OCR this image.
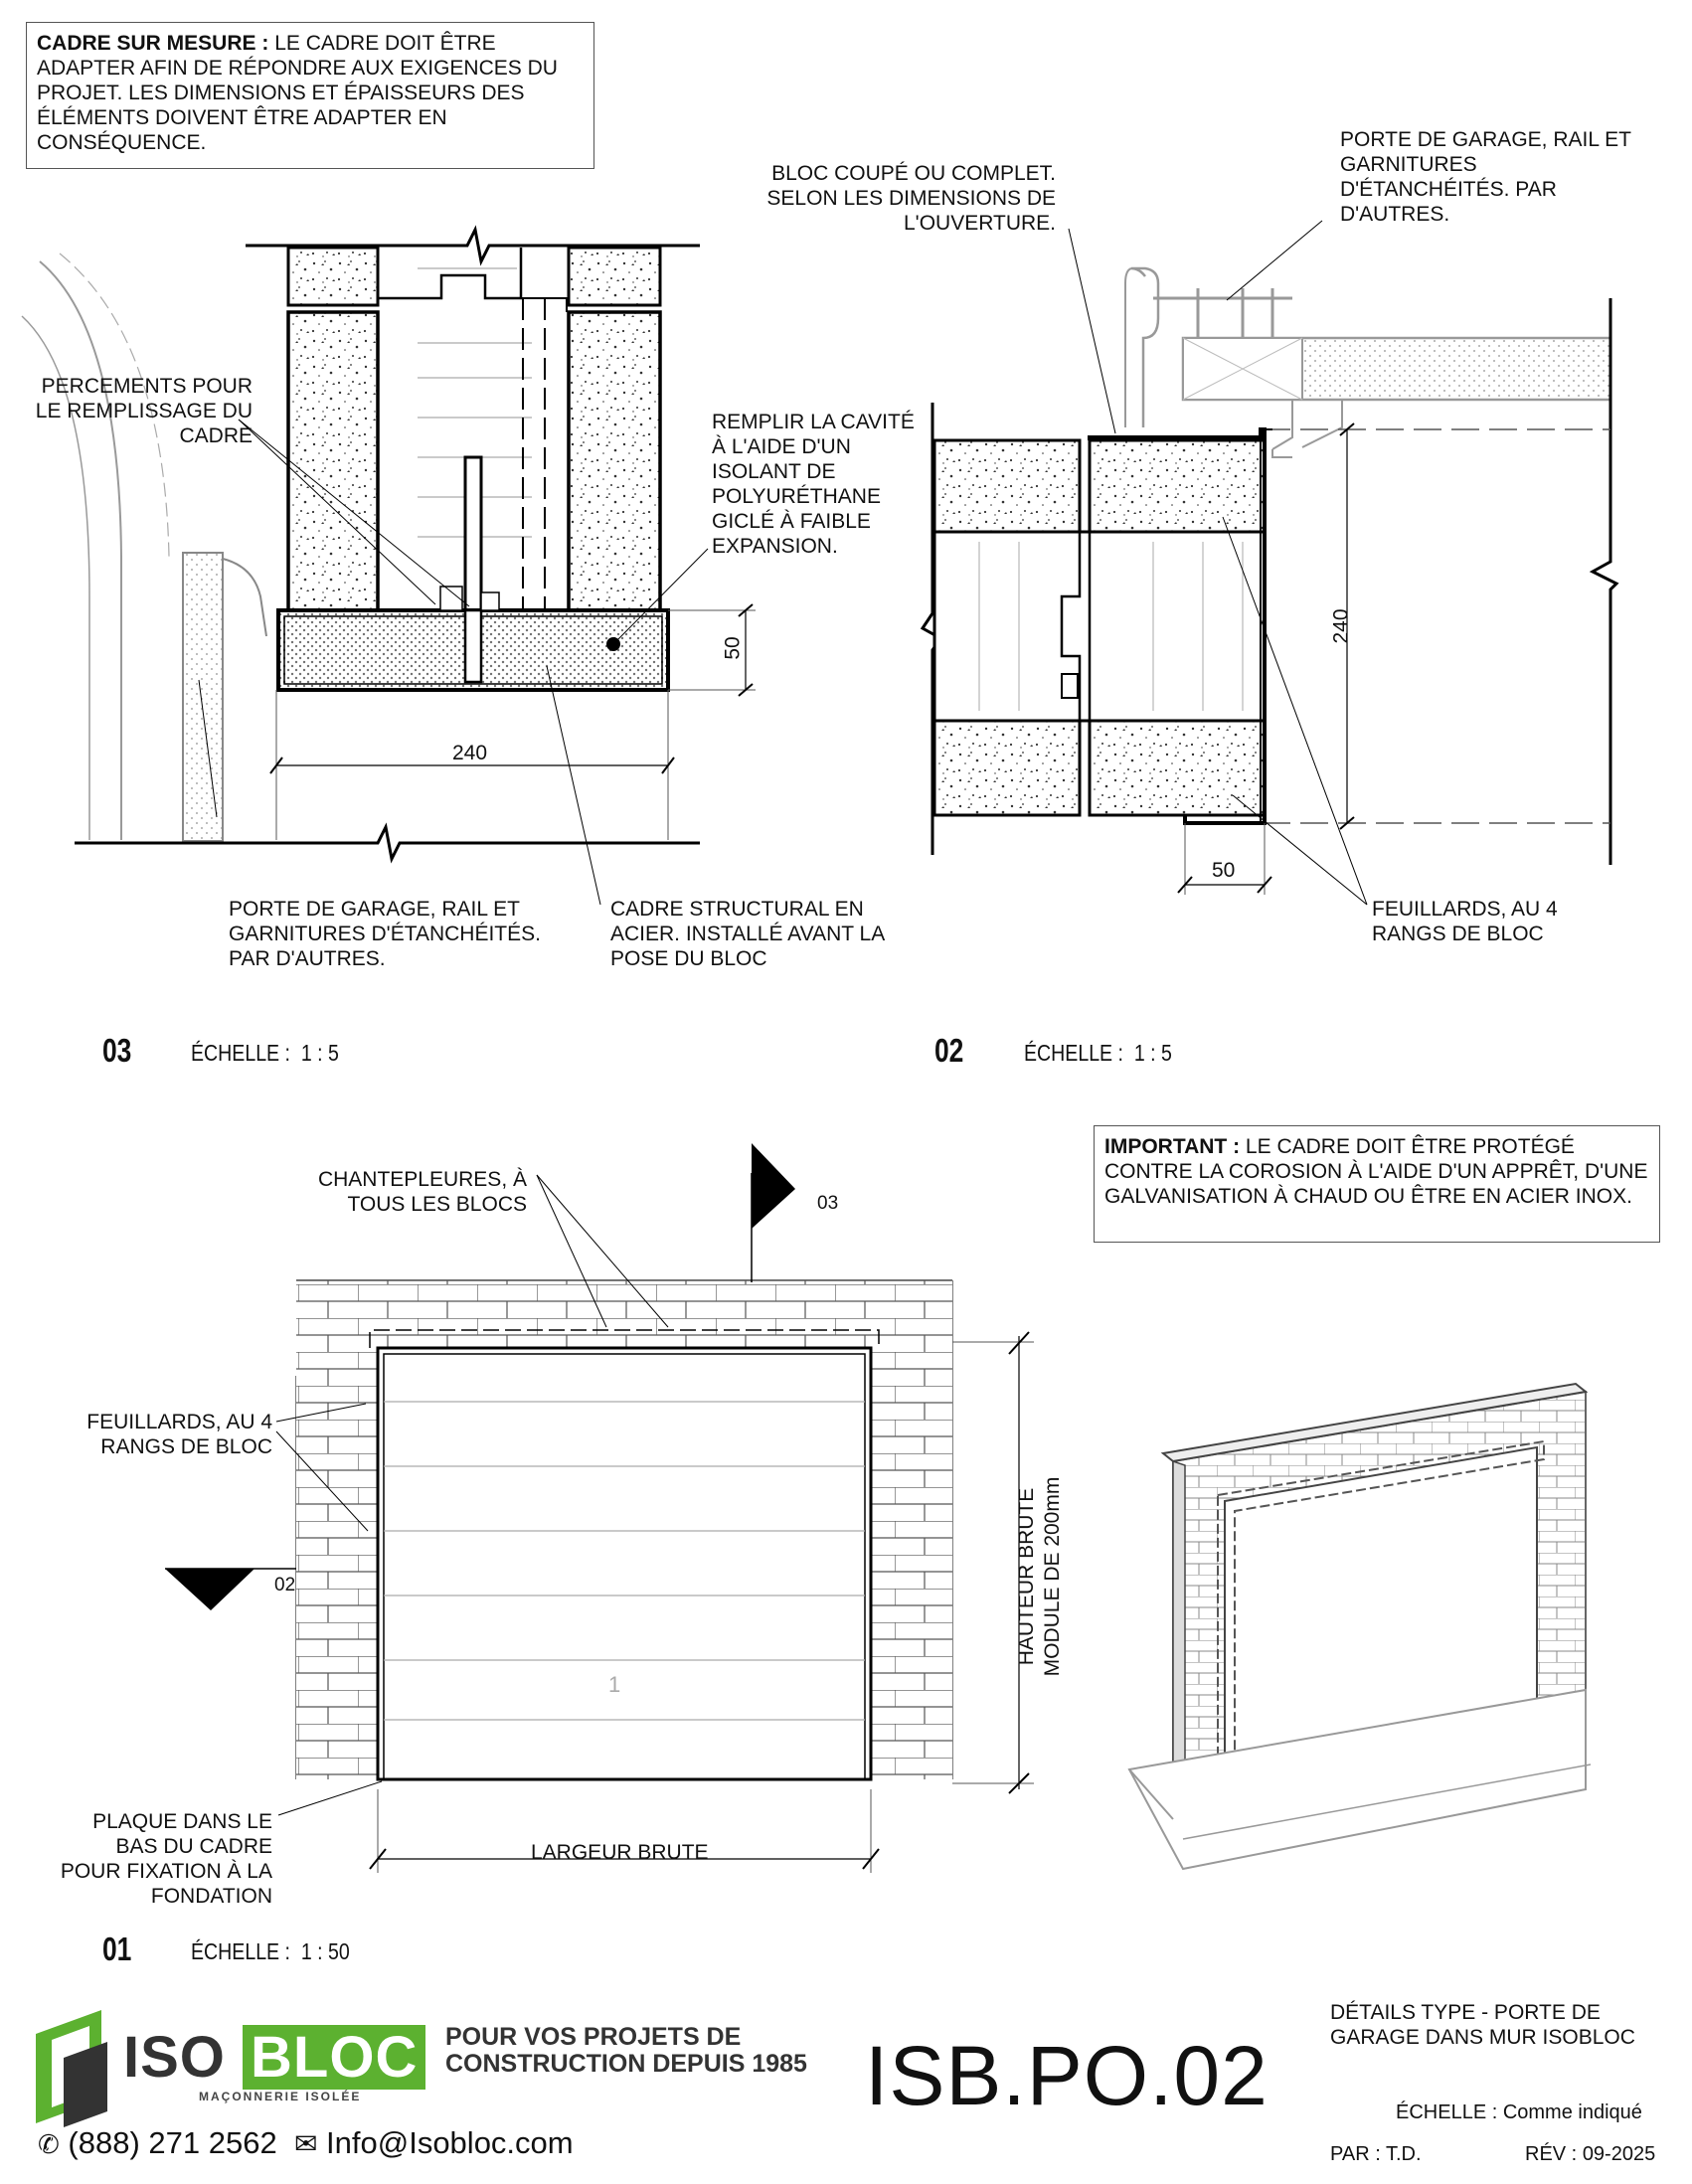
CADRE SUR MESURE : LE CADRE DOIT ÊTRE ADAPTER AFIN DE RÉPONDRE AUX EXIGENCES DU PROJET. LES DIMENSIONS ET ÉPAISSEURS DES ÉLÉMENTS DOIVENT ÊTRE ADAPTER EN CONSÉQUENCE.
IMPORTANT : LE CADRE DOIT ÊTRE PROTÉGÉ CONTRE LA COROSION À L'AIDE D'UN APPRÊT, D'UNE GALVANISATION À CHAUD OU ÊTRE EN ACIER INOX.
PERCEMENTS POUR LE REMPLISSAGE DU CADRE
REMPLIR LA CAVITÉ À L'AIDE D'UN ISOLANT DE POLYURÉTHANE GICLÉ À FAIBLE EXPANSION.
PORTE DE GARAGE, RAIL ET GARNITURES D'ÉTANCHÉITÉS. PAR D'AUTRES.
CADRE STRUCTURAL EN ACIER. INSTALLÉ AVANT LA POSE DU BLOC
240
50
03	ÉCHELLE : 1 : 5
BLOC COUPÉ OU COMPLET. SELON LES DIMENSIONS DE L'OUVERTURE.
PORTE DE GARAGE, RAIL ET GARNITURES D'ÉTANCHÉITÉS. PAR D'AUTRES.
FEUILLARDS, AU 4 RANGS DE BLOC
240
50
02	ÉCHELLE : 1 : 5
CHANTEPLEURES, À TOUS LES BLOCS
FEUILLARDS, AU 4 RANGS DE BLOC
PLAQUE DANS LE BAS DU CADRE POUR FIXATION À LA FONDATION
03
02
LARGEUR BRUTE
HAUTEUR BRUTE MODULE DE 200mm
1
01	ÉCHELLE : 1 : 50
ISO BLOC
MAÇONNERIE ISOLÉE
POUR VOS PROJETS DE
CONSTRUCTION DEPUIS 1985
✆ (888) 271 2562 ✉ Info@Isobloc.com
ISB.PO.02
DÉTAILS TYPE - PORTE DE
GARAGE DANS MUR ISOBLOC
ÉCHELLE : Comme indiqué
PAR : T.D.	RÉV : 09-2025
